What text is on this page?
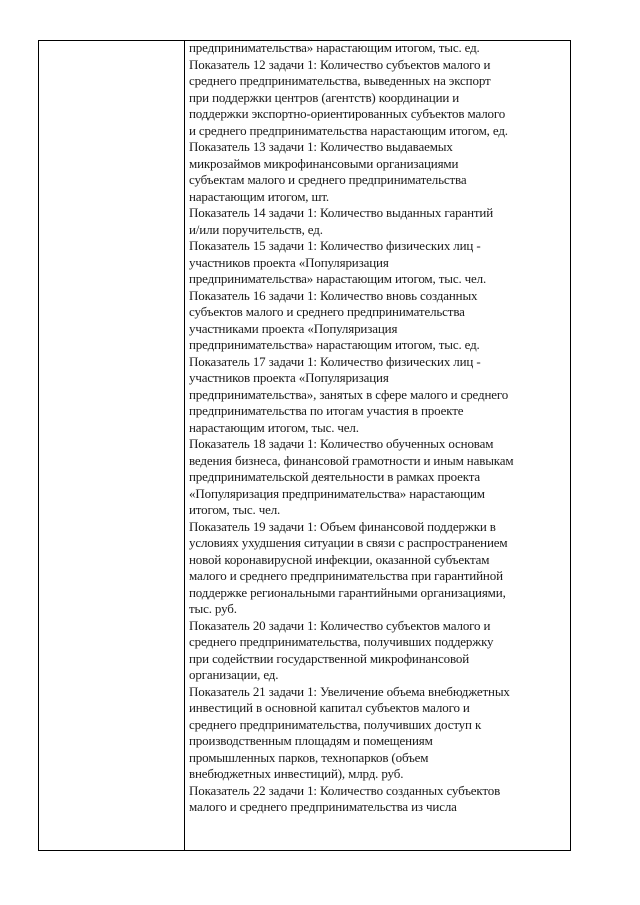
предпринимательства» нарастающим итогом, тыс. ед.
Показатель 12 задачи 1: Количество субъектов малого и
среднего предпринимательства, выведенных на экспорт
при поддержки центров (агентств) координации и
поддержки экспортно-ориентированных субъектов малого
и среднего предпринимательства нарастающим итогом, ед.
Показатель 13 задачи 1: Количество выдаваемых
микрозаймов микрофинансовыми организациями
субъектам малого и среднего предпринимательства
нарастающим итогом, шт.
Показатель 14 задачи 1: Количество выданных гарантий
и/или поручительств, ед.
Показатель 15 задачи 1: Количество физических лиц -
участников проекта «Популяризация
предпринимательства» нарастающим итогом, тыс. чел.
Показатель 16 задачи 1: Количество вновь созданных
субъектов малого и среднего предпринимательства
участниками проекта «Популяризация
предпринимательства» нарастающим итогом, тыс. ед.
Показатель 17 задачи 1: Количество физических лиц -
участников проекта «Популяризация
предпринимательства», занятых в сфере малого и среднего
предпринимательства по итогам участия в проекте
нарастающим итогом, тыс. чел.
Показатель 18 задачи 1: Количество обученных основам
ведения бизнеса, финансовой грамотности и иным навыкам
предпринимательской деятельности в рамках проекта
«Популяризация предпринимательства» нарастающим
итогом, тыс. чел.
Показатель 19 задачи 1: Объем финансовой поддержки в
условиях ухудшения ситуации в связи с распространением
новой коронавирусной инфекции, оказанной субъектам
малого и среднего предпринимательства при гарантийной
поддержке региональными гарантийными организациями,
тыс. руб.
Показатель 20 задачи 1: Количество субъектов малого и
среднего предпринимательства, получивших поддержку
при содействии государственной микрофинансовой
организации, ед.
Показатель 21 задачи 1: Увеличение объема внебюджетных
инвестиций в основной капитал субъектов малого и
среднего предпринимательства, получивших доступ к
производственным площадям и помещениям
промышленных парков, технопарков (объем
внебюджетных инвестиций), млрд. руб.
Показатель 22 задачи 1: Количество созданных субъектов
малого и среднего предпринимательства из числа
